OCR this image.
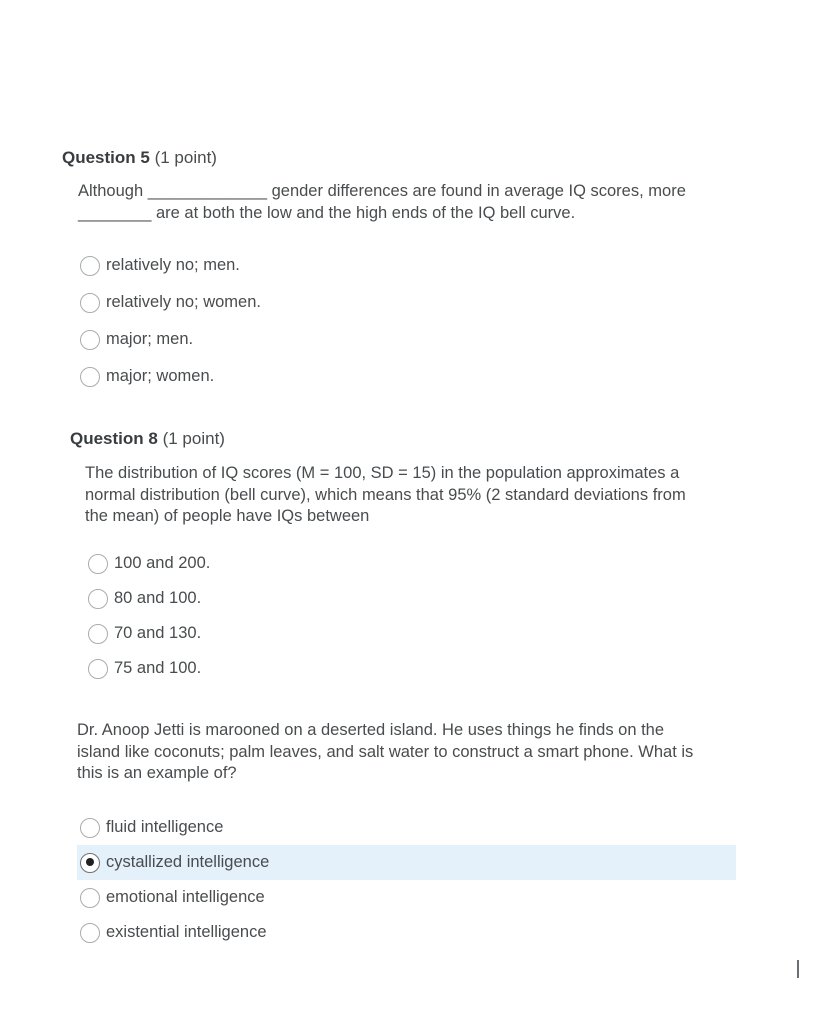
Question 5 (1 point)

Although _____________ gender differences are found in average IQ scores, more

________ are at both the low and the high ends of the IQ bell curve.

relatively no; men.
relatively no; women.
major; men.
major; women.

Question 8 (1 point)

The distribution of IQ scores (M = 100, SD = 15) in the population approximates a

normal distribution (bell curve), which means that 95% (2 standard deviations from

the mean) of people have IQs between

100 and 200.
80 and 100.
70 and 130.
75 and 100.

Dr. Anoop Jetti is marooned on a deserted island. He uses things he finds on the

island like coconuts; palm leaves, and salt water to construct a smart phone. What is

this is an example of?

fluid intelligence
cystallized intelligence
emotional intelligence
existential intelligence
